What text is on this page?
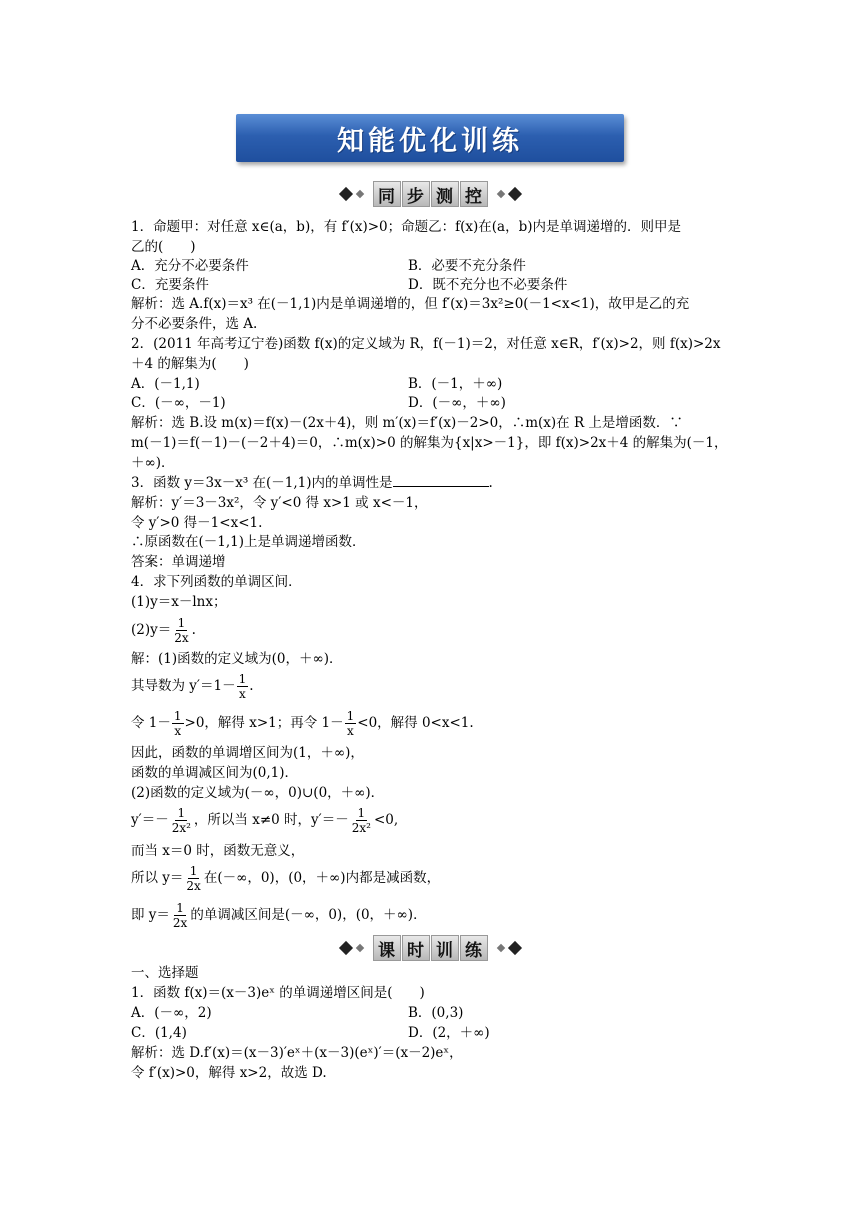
知能优化训练
同 步 测 控
1．命题甲：对任意 x∈(a，b)，有 f′(x)>0；命题乙：f(x)在(a，b)内是单调递增的．则甲是
乙的(　　)
A．充分不必要条件	B．必要不充分条件
C．充要条件	D．既不充分也不必要条件
解析：选 A.f(x)＝x³ 在(－1,1)内是单调递增的，但 f′(x)＝3x²≥0(－1<x<1)，故甲是乙的充
分不必要条件，选 A.
2．(2011 年高考辽宁卷)函数 f(x)的定义域为 R，f(－1)＝2，对任意 x∈R，f′(x)>2，则 f(x)>2x
＋4 的解集为(　　)
A．(－1,1)	B．(－1，＋∞)
C．(－∞，－1)	D．(－∞，＋∞)
解析：选 B.设 m(x)＝f(x)－(2x＋4)，则 m′(x)＝f′(x)－2>0，∴m(x)在 R 上是增函数．∵
m(－1)＝f(－1)－(－2＋4)＝0，∴m(x)>0 的解集为{x|x>－1}，即 f(x)>2x＋4 的解集为(－1，
＋∞)．
3．函数 y＝3x－x³ 在(－1,1)内的单调性是	.
解析：y′＝3－3x²，令 y′<0 得 x>1 或 x<－1，
令 y′>0 得－1<x<1.
∴原函数在(－1,1)上是单调递增函数．
答案：单调递增
4．求下列函数的单调区间．
(1)y＝x－lnx；
$(2)y= \frac{1}{2x}$ .
解：(1)函数的定义域为(0，＋∞)．
其导数为 $y'=1- \frac{1}{x}$ .
令 $1- \frac{1}{x} >0$，解得 x>1；再令 $1- \frac{1}{x} <0$，解得 0<x<1.
因此，函数的单调增区间为(1，＋∞)，
函数的单调减区间为(0,1)．
(2)函数的定义域为(－∞，0)∪(0，＋∞)．
$y'=- \frac{1}{\text{2x²}}$ ，所以当 x≠0 时，$y'=- \frac{1}{\text{2x²}} <0$,
而当 x＝0 时，函数无意义，
所以 $y= \frac{1}{2x}$ 在(－∞，0)，(0，＋∞)内都是减函数，
即 $y= \frac{1}{2x}$ 的单调减区间是(－∞，0)，(0，＋∞)．
课 时 训 练
一、选择题
1．函数 f(x)＝(x－3)eˣ 的单调递增区间是(　　)
A．(－∞，2)	B．(0,3)
C．(1,4)	D．(2，＋∞)
解析：选 D.f′(x)＝(x－3)′eˣ＋(x－3)(eˣ)′＝(x－2)eˣ，
令 f′(x)>0，解得 x>2，故选 D.
